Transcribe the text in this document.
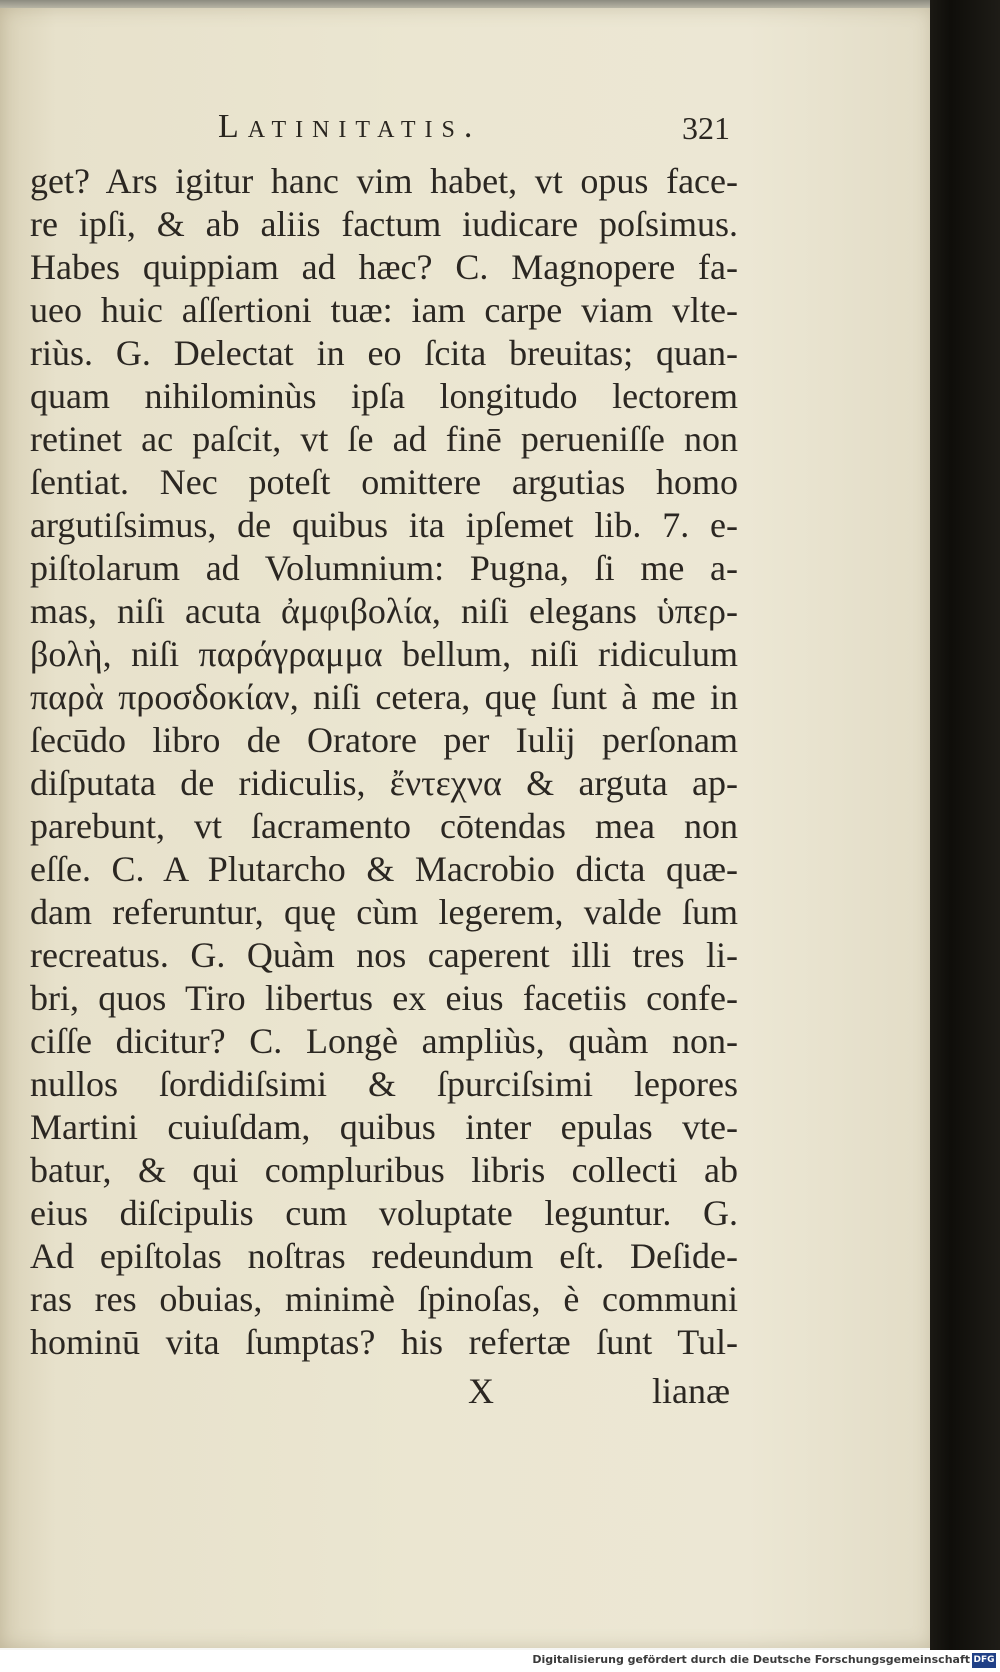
Latinitatis.	321
get? Ars igitur hanc vim habet, vt opus face-
re ipſi, & ab aliis factum iudicare poſsimus.
Habes quippiam ad hæc? C. Magnopere fa-
ueo huic aſſertioni tuæ: iam carpe viam vlte-
riùs. G. Delectat in eo ſcita breuitas; quan-
quam nihilominùs ipſa longitudo lectorem
retinet ac paſcit, vt ſe ad finē perueniſſe non
ſentiat. Nec poteſt omittere argutias homo
argutiſsimus, de quibus ita ipſemet lib. 7. e-
piſtolarum ad Volumnium: Pugna, ſi me a-
mas, niſi acuta ἀμφιβολία, niſi elegans ὑπερ-
βολὴ, niſi παράγραμμα bellum, niſi ridiculum
παρὰ προσδοκίαν, niſi cetera, quę ſunt à me in
ſecūdo libro de Oratore per Iulij perſonam
diſputata de ridiculis, ἔντεχνα & arguta ap-
parebunt, vt ſacramento cōtendas mea non
eſſe. C. A Plutarcho & Macrobio dicta quæ-
dam referuntur, quę cùm legerem, valde ſum
recreatus. G. Quàm nos caperent illi tres li-
bri, quos Tiro libertus ex eius facetiis confe-
ciſſe dicitur? C. Longè ampliùs, quàm non-
nullos ſordidiſsimi & ſpurciſsimi lepores
Martini cuiuſdam, quibus inter epulas vte-
batur, & qui compluribus libris collecti ab
eius diſcipulis cum voluptate leguntur. G.
Ad epiſtolas noſtras redeundum eſt. Deſide-
ras res obuias, minimè ſpinoſas, è communi
hominū vita ſumptas? his refertæ ſunt Tul-
X	lianæ
Digitalisierung gefördert durch die Deutsche Forschungsgemeinschaft DFG
